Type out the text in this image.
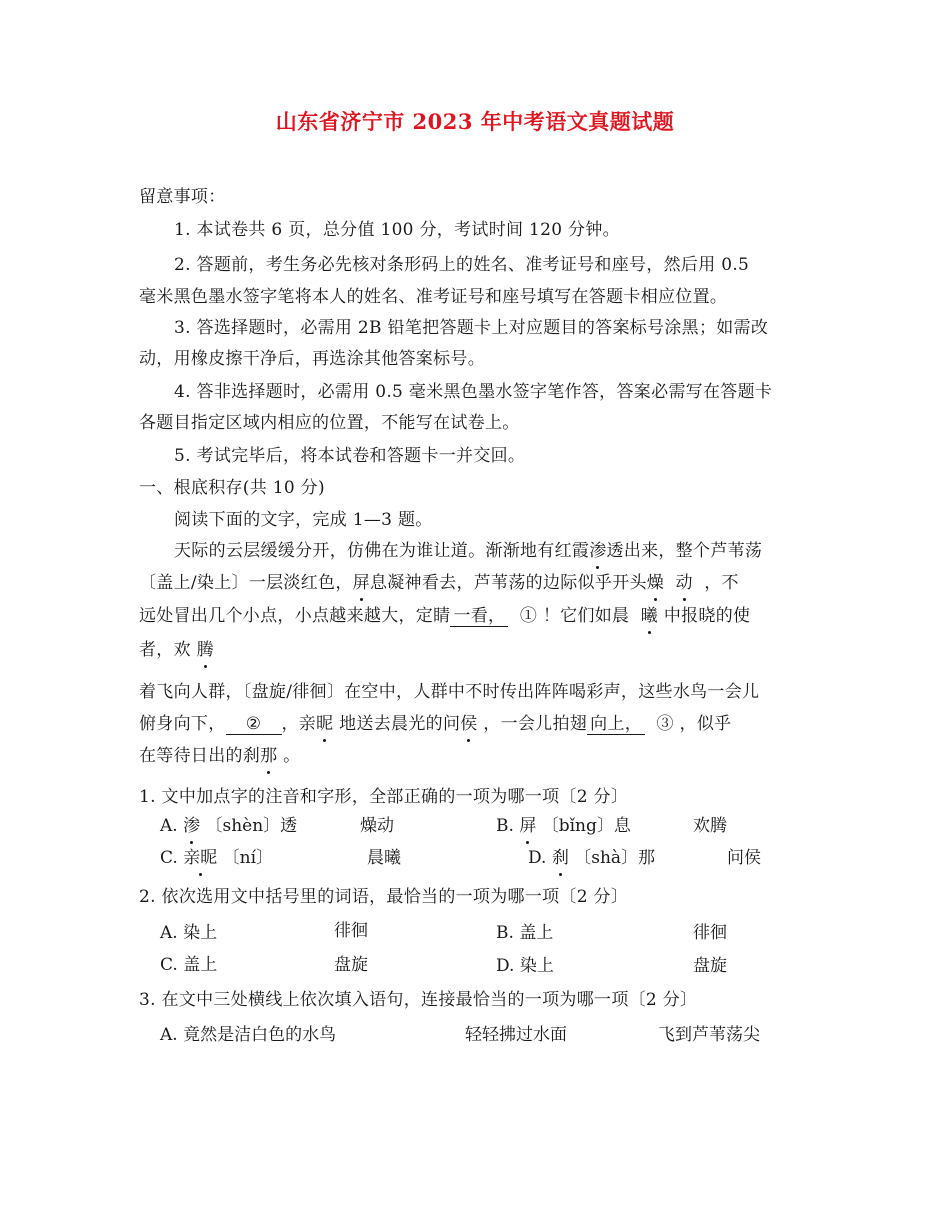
山东省济宁市 2023 年中考语文真题试题
留意事项：
1. 本试卷共 6 页，总分值 100 分，考试时间 120 分钟。
2. 答题前，考生务必先核对条形码上的姓名、准考证号和座号，然后用 0.5
毫米黑色墨水签字笔将本人的姓名、准考证号和座号填写在答题卡相应位置。
3. 答选择题时，必需用 2B 铅笔把答题卡上对应题目的答案标号涂黑；如需改
动，用橡皮擦干净后，再选涂其他答案标号。
4. 答非选择题时，必需用 0.5 毫米黑色墨水签字笔作答，答案必需写在答题卡
各题目指定区域内相应的位置，不能写在试卷上。
5. 考试完毕后，将本试卷和答题卡一并交回。
一、根底积存(共 10 分)
阅读下面的文字，完成 1—3 题。
天际的云层缓缓分开，仿佛在为谁让道。渐渐地有红霞渗透出来，整个芦苇荡
〔盖上/染上〕一层淡红色，屏息凝神看去，芦苇荡的边际似乎开头燥 动 ，不
远处冒出几个小点，小点越来越大，定睛 一看， ① ！它们如晨 曦 中报晓的使
者，欢 腾
着飞向人群，〔盘旋/徘徊〕在空中，人群中不时传出阵阵喝彩声，这些水鸟一会儿
俯身向下， ② ，亲昵 地送去晨光的问侯 ，一会儿拍翅 向上， ③ ，似乎
在等待日出的刹那 。
1. 文中加点字的注音和字形，全部正确的一项为哪一项〔2 分〕
A. 渗 〔shèn〕透	燥动	B. 屏 〔bǐng〕息	欢腾
C. 亲昵 〔ní〕	晨曦	D. 刹 〔shà〕那	问侯
2. 依次选用文中括号里的词语，最恰当的一项为哪一项〔2 分〕
A. 染上	徘徊	B. 盖上	徘徊
C. 盖上	盘旋	D. 染上	盘旋
3. 在文中三处横线上依次填入语句，连接最恰当的一项为哪一项〔2 分〕
A. 竟然是洁白色的水鸟	轻轻拂过水面	飞到芦苇荡尖
